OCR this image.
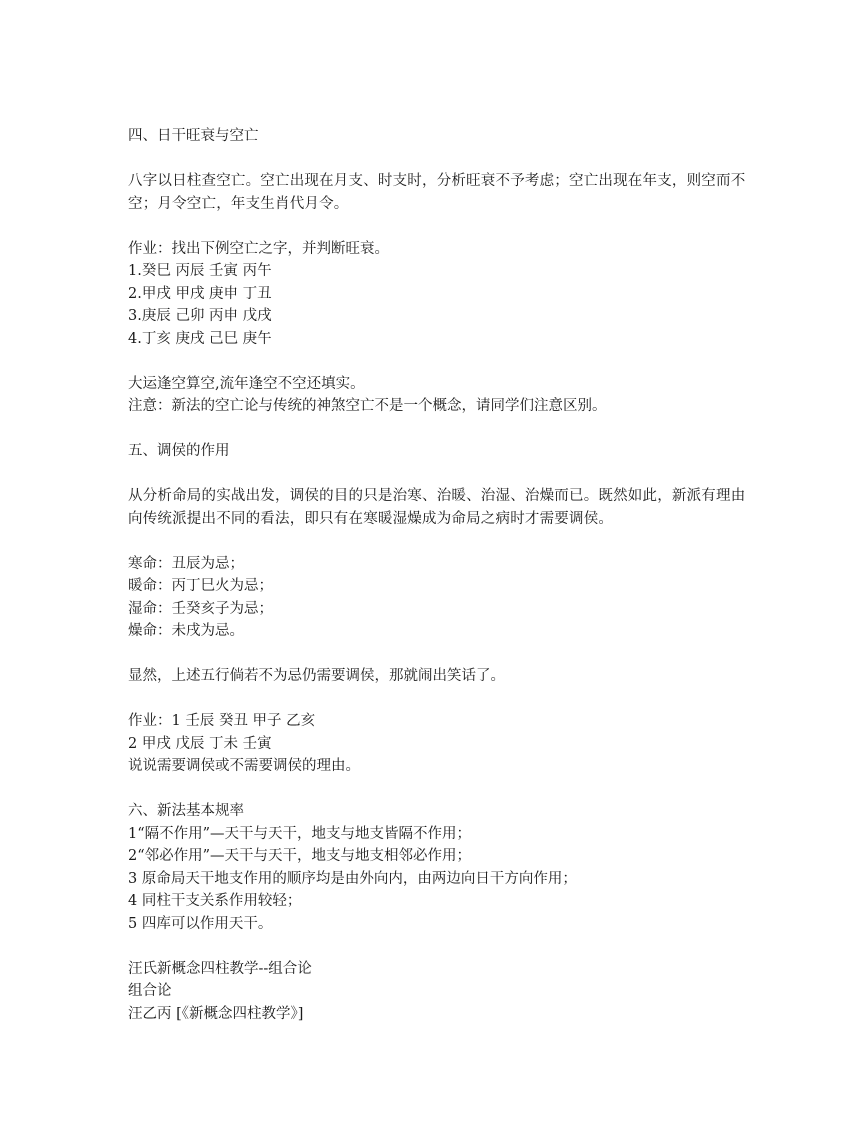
四、日干旺衰与空亡
八字以日柱查空亡。空亡出现在月支、时支时，分析旺衰不予考虑；空亡出现在年支，则空而不空；月令空亡，年支生肖代月令。
作业：找出下例空亡之字，并判断旺衰。
1.癸巳 丙辰 壬寅 丙午
2.甲戌 甲戌 庚申 丁丑
3.庚辰 己卯 丙申 戊戌
4.丁亥 庚戌 己巳 庚午
大运逢空算空,流年逢空不空还填实。
注意：新法的空亡论与传统的神煞空亡不是一个概念，请同学们注意区别。
五、调侯的作用
从分析命局的实战出发，调侯的目的只是治寒、治暖、治湿、治燥而已。既然如此，新派有理由向传统派提出不同的看法，即只有在寒暖湿燥成为命局之病时才需要调侯。
寒命：丑辰为忌；
暖命：丙丁巳火为忌；
湿命：壬癸亥子为忌；
燥命：未戌为忌。
显然，上述五行倘若不为忌仍需要调侯，那就闹出笑话了。
作业：1 壬辰 癸丑 甲子 乙亥
2 甲戌 戊辰 丁未 壬寅
说说需要调侯或不需要调侯的理由。
六、新法基本规率
1“隔不作用”—天干与天干，地支与地支皆隔不作用；
2“邻必作用”—天干与天干，地支与地支相邻必作用；
3 原命局天干地支作用的顺序均是由外向内，由两边向日干方向作用；
4 同柱干支关系作用较轻；
5 四库可以作用天干。
汪氏新概念四柱教学--组合论
组合论
汪乙丙 [《新概念四柱教学》]
